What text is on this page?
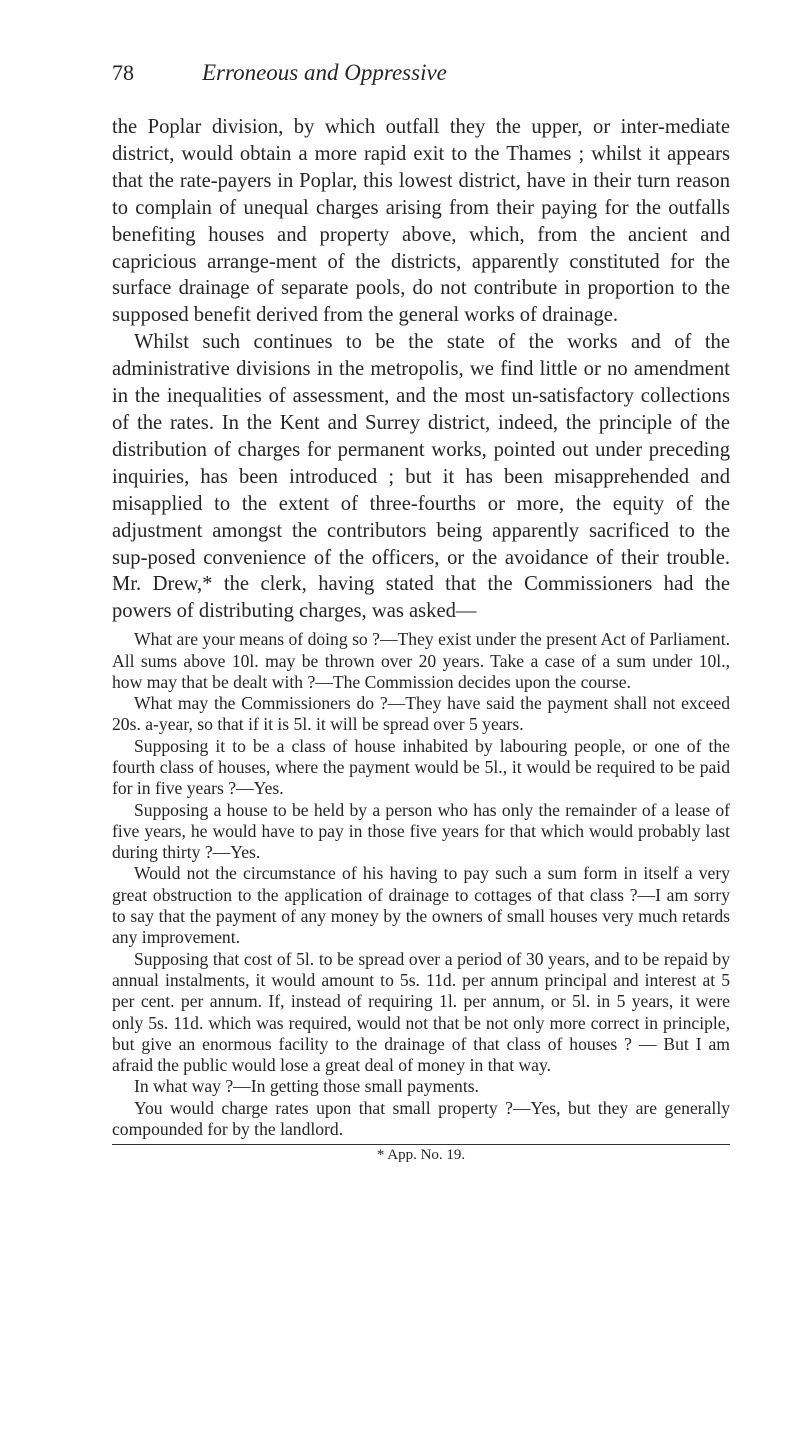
78	Erroneous and Oppressive

the Poplar division, by which outfall they the upper, or inter-mediate district, would obtain a more rapid exit to the Thames ; whilst it appears that the rate-payers in Poplar, this lowest district, have in their turn reason to complain of unequal charges arising from their paying for the outfalls benefiting houses and property above, which, from the ancient and capricious arrange-ment of the districts, apparently constituted for the surface drainage of separate pools, do not contribute in proportion to the supposed benefit derived from the general works of drainage.

Whilst such continues to be the state of the works and of the administrative divisions in the metropolis, we find little or no amendment in the inequalities of assessment, and the most un-satisfactory collections of the rates. In the Kent and Surrey district, indeed, the principle of the distribution of charges for permanent works, pointed out under preceding inquiries, has been introduced ; but it has been misapprehended and misapplied to the extent of three-fourths or more, the equity of the adjustment amongst the contributors being apparently sacrificed to the sup-posed convenience of the officers, or the avoidance of their trouble. Mr. Drew,* the clerk, having stated that the Commissioners had the powers of distributing charges, was asked—

What are your means of doing so ?—They exist under the present Act of Parliament. All sums above 10l. may be thrown over 20 years. Take a case of a sum under 10l., how may that be dealt with ?—The Commission decides upon the course.

What may the Commissioners do ?—They have said the payment shall not exceed 20s. a-year, so that if it is 5l. it will be spread over 5 years.

Supposing it to be a class of house inhabited by labouring people, or one of the fourth class of houses, where the payment would be 5l., it would be required to be paid for in five years ?—Yes.

Supposing a house to be held by a person who has only the remainder of a lease of five years, he would have to pay in those five years for that which would probably last during thirty ?—Yes.

Would not the circumstance of his having to pay such a sum form in itself a very great obstruction to the application of drainage to cottages of that class ?—I am sorry to say that the payment of any money by the owners of small houses very much retards any improvement.

Supposing that cost of 5l. to be spread over a period of 30 years, and to be repaid by annual instalments, it would amount to 5s. 11d. per annum principal and interest at 5 per cent. per annum. If, instead of requiring 1l. per annum, or 5l. in 5 years, it were only 5s. 11d. which was required, would not that be not only more correct in principle, but give an enormous facility to the drainage of that class of houses ? — But I am afraid the public would lose a great deal of money in that way.

In what way ?—In getting those small payments.

You would charge rates upon that small property ?—Yes, but they are generally compounded for by the landlord.

* App. No. 19.
